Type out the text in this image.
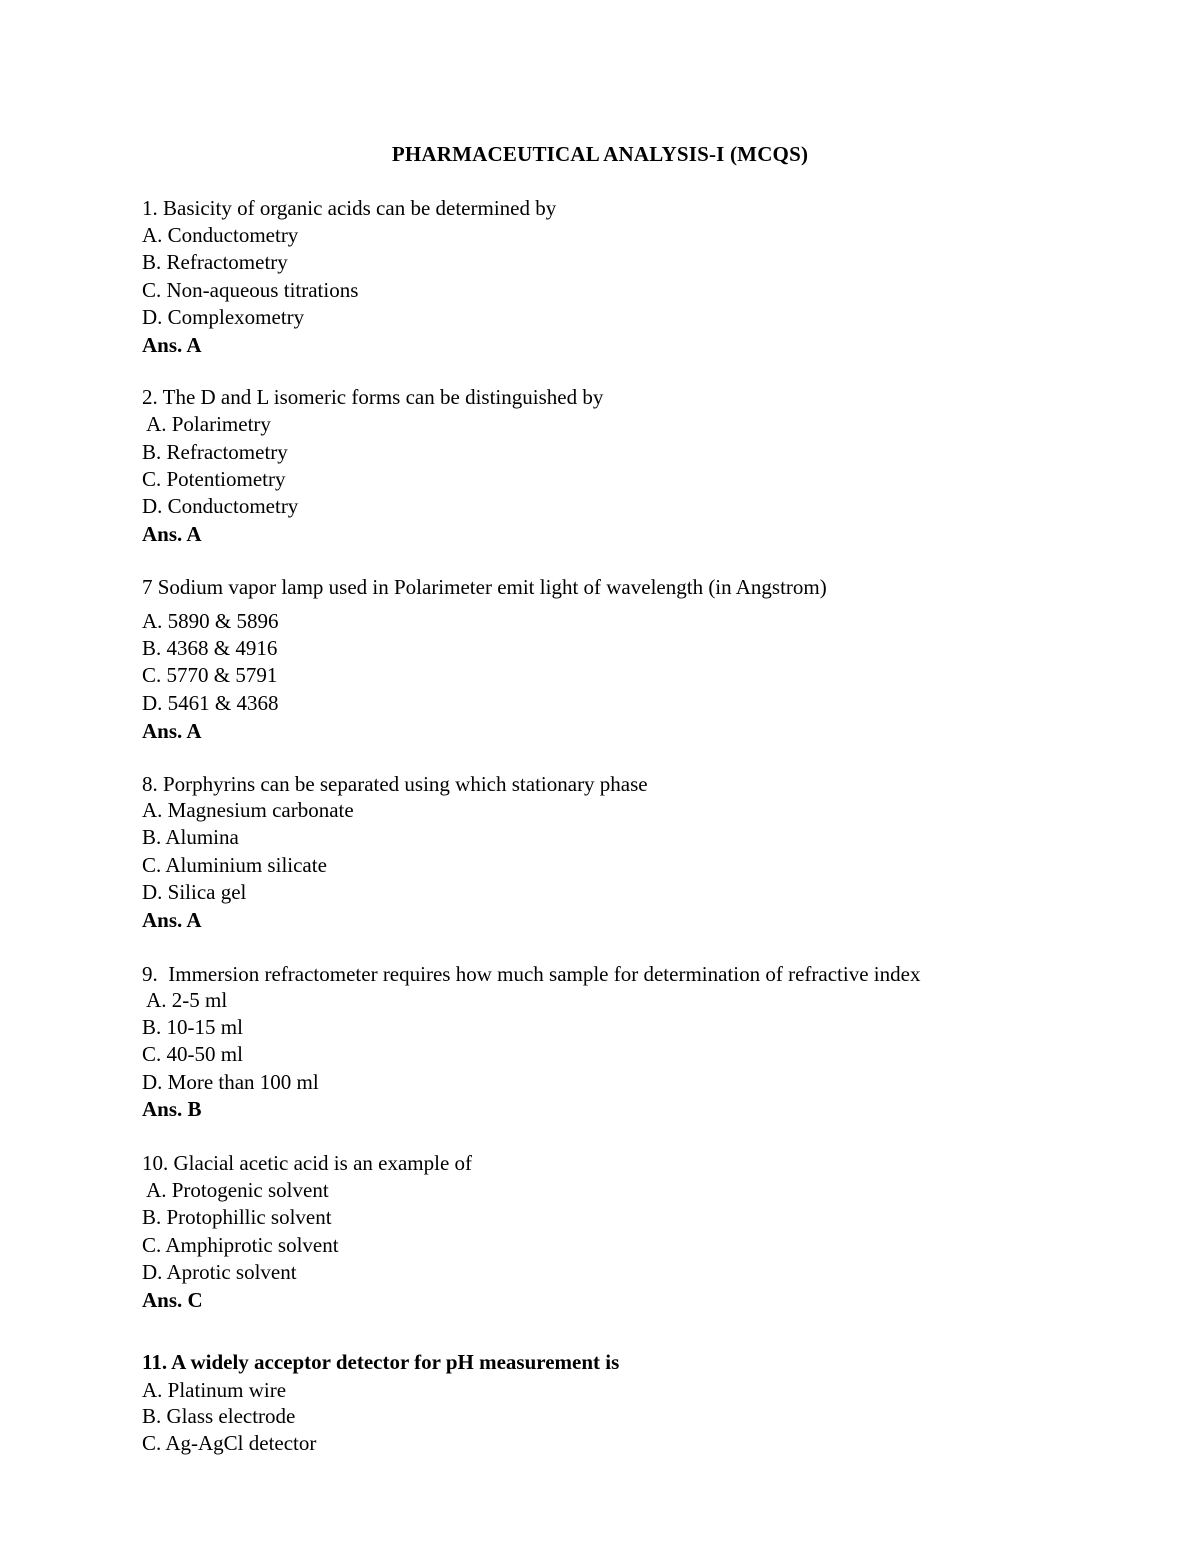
PHARMACEUTICAL ANALYSIS-I (MCQS)
1. Basicity of organic acids can be determined by
A. Conductometry
B. Refractometry
C. Non-aqueous titrations
D. Complexometry
Ans. A
2. The D and L isomeric forms can be distinguished by
A. Polarimetry
B. Refractometry
C. Potentiometry
D. Conductometry
Ans. A
7 Sodium vapor lamp used in Polarimeter emit light of wavelength (in Angstrom)
A. 5890 & 5896
B. 4368 & 4916
C. 5770 & 5791
D. 5461 & 4368
Ans. A
8. Porphyrins can be separated using which stationary phase
A. Magnesium carbonate
B. Alumina
C. Aluminium silicate
D. Silica gel
Ans. A
9.  Immersion refractometer requires how much sample for determination of refractive index
A. 2-5 ml
B. 10-15 ml
C. 40-50 ml
D. More than 100 ml
Ans. B
10. Glacial acetic acid is an example of
A. Protogenic solvent
B. Protophillic solvent
C. Amphiprotic solvent
D. Aprotic solvent
Ans. C
11. A widely acceptor detector for pH measurement is
A. Platinum wire
B. Glass electrode
C. Ag-AgCl detector
